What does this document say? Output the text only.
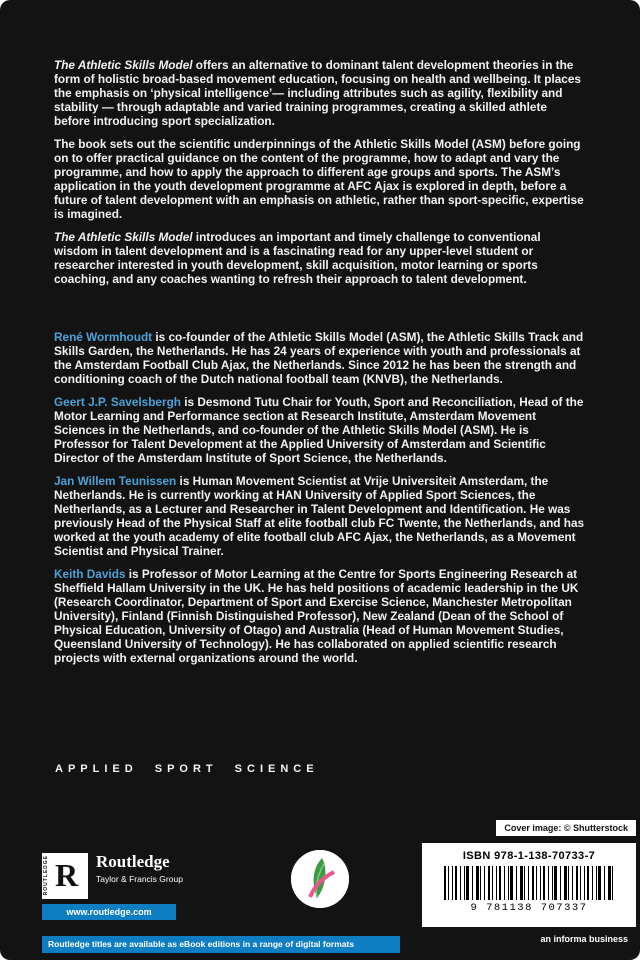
The Athletic Skills Model offers an alternative to dominant talent development theories in the form of holistic broad-based movement education, focusing on health and wellbeing. It places the emphasis on ‘physical intelligence’— including attributes such as agility, flexibility and stability — through adaptable and varied training programmes, creating a skilled athlete before introducing sport specialization.

The book sets out the scientific underpinnings of the Athletic Skills Model (ASM) before going on to offer practical guidance on the content of the programme, how to adapt and vary the programme, and how to apply the approach to different age groups and sports. The ASM’s application in the youth development programme at AFC Ajax is explored in depth, before a future of talent development with an emphasis on athletic, rather than sport-specific, expertise is imagined.

The Athletic Skills Model introduces an important and timely challenge to conventional wisdom in talent development and is a fascinating read for any upper-level student or researcher interested in youth development, skill acquisition, motor learning or sports coaching, and any coaches wanting to refresh their approach to talent development.

René Wormhoudt is co-founder of the Athletic Skills Model (ASM), the Athletic Skills Track and Skills Garden, the Netherlands. He has 24 years of experience with youth and professionals at the Amsterdam Football Club Ajax, the Netherlands. Since 2012 he has been the strength and conditioning coach of the Dutch national football team (KNVB), the Netherlands.

Geert J.P. Savelsbergh is Desmond Tutu Chair for Youth, Sport and Reconciliation, Head of the Motor Learning and Performance section at Research Institute, Amsterdam Movement Sciences in the Netherlands, and co-founder of the Athletic Skills Model (ASM). He is Professor for Talent Development at the Applied University of Amsterdam and Scientific Director of the Amsterdam Institute of Sport Science, the Netherlands.

Jan Willem Teunissen is Human Movement Scientist at Vrije Universiteit Amsterdam, the Netherlands. He is currently working at HAN University of Applied Sport Sciences, the Netherlands, as a Lecturer and Researcher in Talent Development and Identification. He was previously Head of the Physical Staff at elite football club FC Twente, the Netherlands, and has worked at the youth academy of elite football club AFC Ajax, the Netherlands, as a Movement Scientist and Physical Trainer.

Keith Davids is Professor of Motor Learning at the Centre for Sports Engineering Research at Sheffield Hallam University in the UK. He has held positions of academic leadership in the UK (Research Coordinator, Department of Sport and Exercise Science, Manchester Metropolitan University), Finland (Finnish Distinguished Professor), New Zealand (Dean of the School of Physical Education, University of Otago) and Australia (Head of Human Movement Studies, Queensland University of Technology). He has collaborated on applied scientific research projects with external organizations around the world.

APPLIED SPORT SCIENCE
Cover image: © Shutterstock
ISBN 978-1-138-70733-7
9 781138 707337
an informa business
ROUTLEDGE R Routledge
Taylor & Francis Group
www.routledge.com
Routledge titles are available as eBook editions in a range of digital formats
